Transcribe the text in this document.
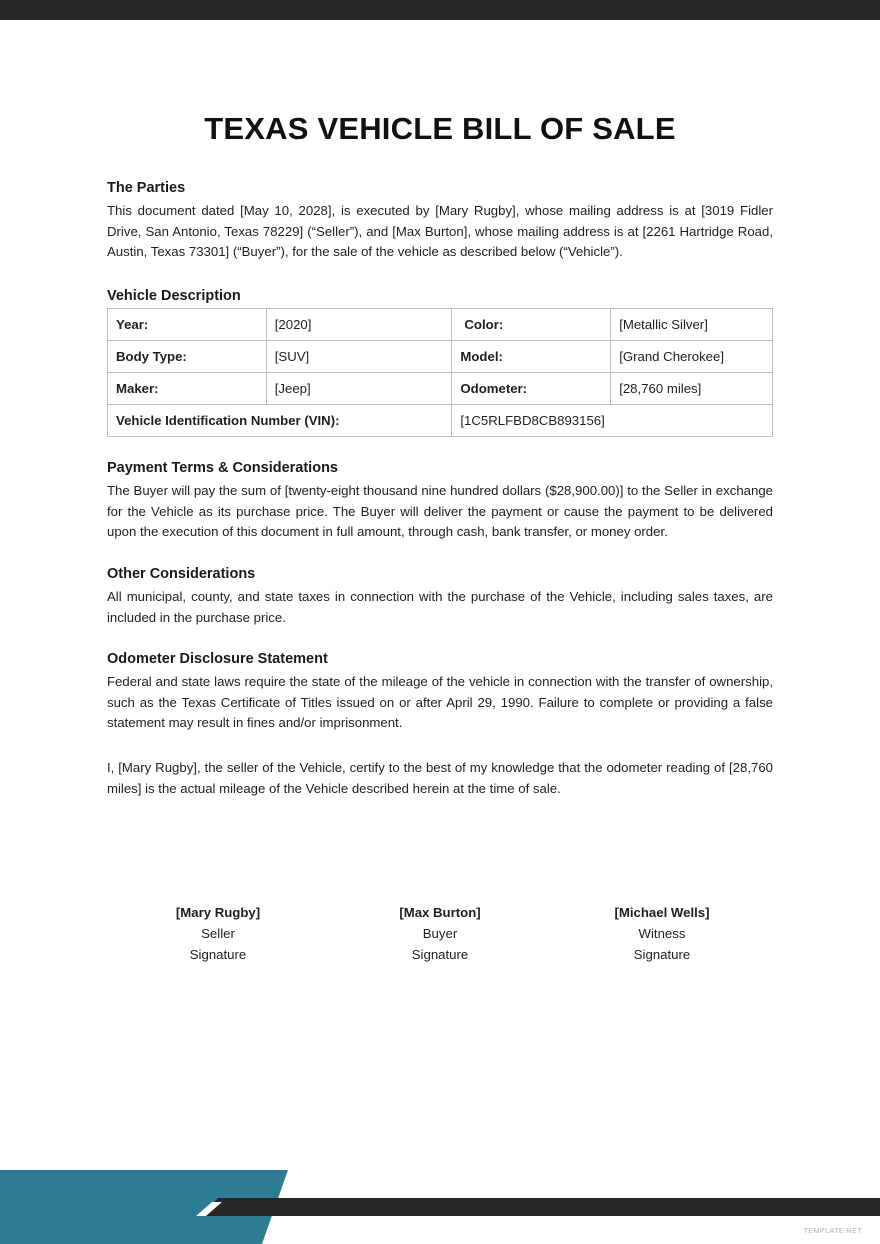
TEXAS VEHICLE BILL OF SALE
The Parties
This document dated [May 10, 2028], is executed by [Mary Rugby], whose mailing address is at [3019 Fidler Drive, San Antonio, Texas 78229] (“Seller”), and [Max Burton], whose mailing address is at [2261 Hartridge Road, Austin, Texas 73301] (“Buyer”), for the sale of the vehicle as described below (“Vehicle”).
Vehicle Description
Year:	[2020]	Color:	[Metallic Silver]
Body Type:	[SUV]	Model:	[Grand Cherokee]
Maker:	[Jeep]	Odometer:	[28,760 miles]
Vehicle Identification Number (VIN):		[1C5RLFBD8CB893156]	
Payment Terms & Considerations
The Buyer will pay the sum of [twenty-eight thousand nine hundred dollars ($28,900.00)] to the Seller in exchange for the Vehicle as its purchase price. The Buyer will deliver the payment or cause the payment to be delivered upon the execution of this document in full amount, through cash, bank transfer, or money order.
Other Considerations
All municipal, county, and state taxes in connection with the purchase of the Vehicle, including sales taxes, are included in the purchase price.
Odometer Disclosure Statement
Federal and state laws require the state of the mileage of the vehicle in connection with the transfer of ownership, such as the Texas Certificate of Titles issued on or after April 29, 1990. Failure to complete or providing a false statement may result in fines and/or imprisonment.
I, [Mary Rugby], the seller of the Vehicle, certify to the best of my knowledge that the odometer reading of [28,760 miles] is the actual mileage of the Vehicle described herein at the time of sale.
[Mary Rugby]
Seller
Signature
[Max Burton]
Buyer
Signature
[Michael Wells]
Witness
Signature
TEMPLATE.NET
